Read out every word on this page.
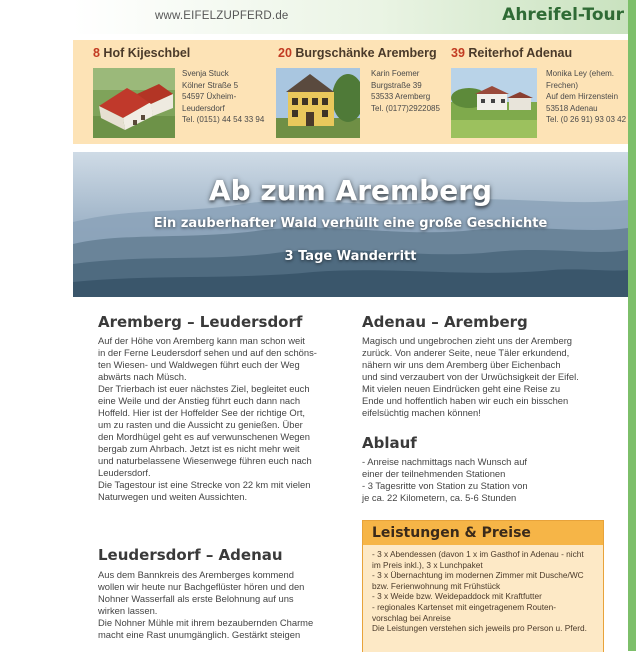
www.EIFELZUPFERD.de	Ahreifel-Tour
8 Hof Kijeschbel
Svenja Stuck
Kölner Straße 5
54597 Üxheim-
Leudersdorf
Tel. (0151) 44 54 33 94
20 Burgschänke Aremberg
Karin Foemer
Burgstraße 39
53533 Aremberg
Tel. (0177)2922085
39 Reiterhof Adenau
Monika Ley (ehem.
Frechen)
Auf dem Hirzenstein
53518 Adenau
Tel. (0 26 91) 93 03 42
Ab zum Aremberg
Ein zauberhafter Wald verhüllt eine große Geschichte
3 Tage Wanderritt
Aremberg – Leudersdorf
Auf der Höhe von Aremberg kann man schon weit
in der Ferne Leudersdorf sehen und auf den schöns-
ten Wiesen- und Waldwegen führt euch der Weg
abwärts nach Müsch.
Der Trierbach ist euer nächstes Ziel, begleitet euch
eine Weile und der Anstieg führt euch dann nach
Hoffeld. Hier ist der Hoffelder See der richtige Ort,
um zu rasten und die Aussicht zu genießen. Über
den Mordhügel geht es auf verwunschenen Wegen
bergab zum Ahrbach. Jetzt ist es nicht mehr weit
und naturbelassene Wiesenwege führen euch nach
Leudersdorf.
Die Tagestour ist eine Strecke von 22 km mit vielen
Naturwegen und weiten Aussichten.
Leudersdorf – Adenau
Aus dem Bannkreis des Aremberges kommend
wollen wir heute nur Bachgeflüster hören und den
Nohner Wasserfall als erste Belohnung auf uns
wirken lassen.
Die Nohner Mühle mit ihrem bezaubernden Charme
macht eine Rast unumgänglich. Gestärkt steigen
Adenau – Aremberg
Magisch und ungebrochen zieht uns der Aremberg
zurück. Von anderer Seite, neue Täler erkundend,
nähern wir uns dem Aremberg über Eichenbach
und sind verzaubert von der Urwüchsigkeit der Eifel.
Mit vielen neuen Eindrücken geht eine Reise zu
Ende und hoffentlich haben wir euch ein bisschen
eifelsüchtig machen können!
Ablauf
- Anreise nachmittags nach Wunsch auf
einer der teilnehmenden Stationen
- 3 Tagesritte von Station zu Station von
je ca. 22 Kilometern, ca. 5-6 Stunden
Leistungen & Preise
- 3 x Abendessen (davon 1 x im Gasthof in Adenau - nicht
im Preis inkl.), 3 x Lunchpaket
- 3 x Übernachtung im modernen Zimmer mit Dusche/WC
bzw. Ferienwohnung mit Frühstück
- 3 x Weide bzw. Weidepaddock mit Kraftfutter
- regionales Kartenset mit eingetragenem Routen-
vorschlag bei Anreise
Die Leistungen verstehen sich jeweils pro Person u. Pferd.
